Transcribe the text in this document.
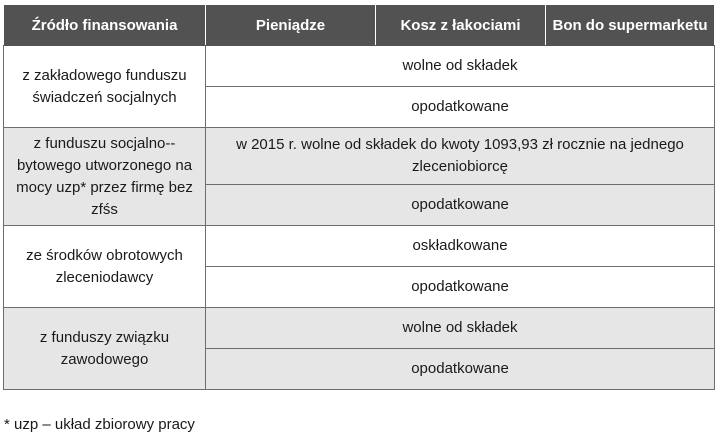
Źródło finansowania	Pieniądze	Kosz z łakociami	Bon do supermarketu
z zakładowego funduszu świadczeń socjalnych	wolne od składek		
	opodatkowane		
z funduszu socjalno--bytowego utworzonego na mocy uzp* przez firmę bez zfśs	w 2015 r. wolne od składek do kwoty 1093,93 zł rocznie na jednego zleceniobiorcę		
	opodatkowane		
ze środków obrotowych zleceniodawcy	oskładkowane		
	opodatkowane		
z funduszy związku zawodowego	wolne od składek		
	opodatkowane		
* uzp – układ zbiorowy pracy
